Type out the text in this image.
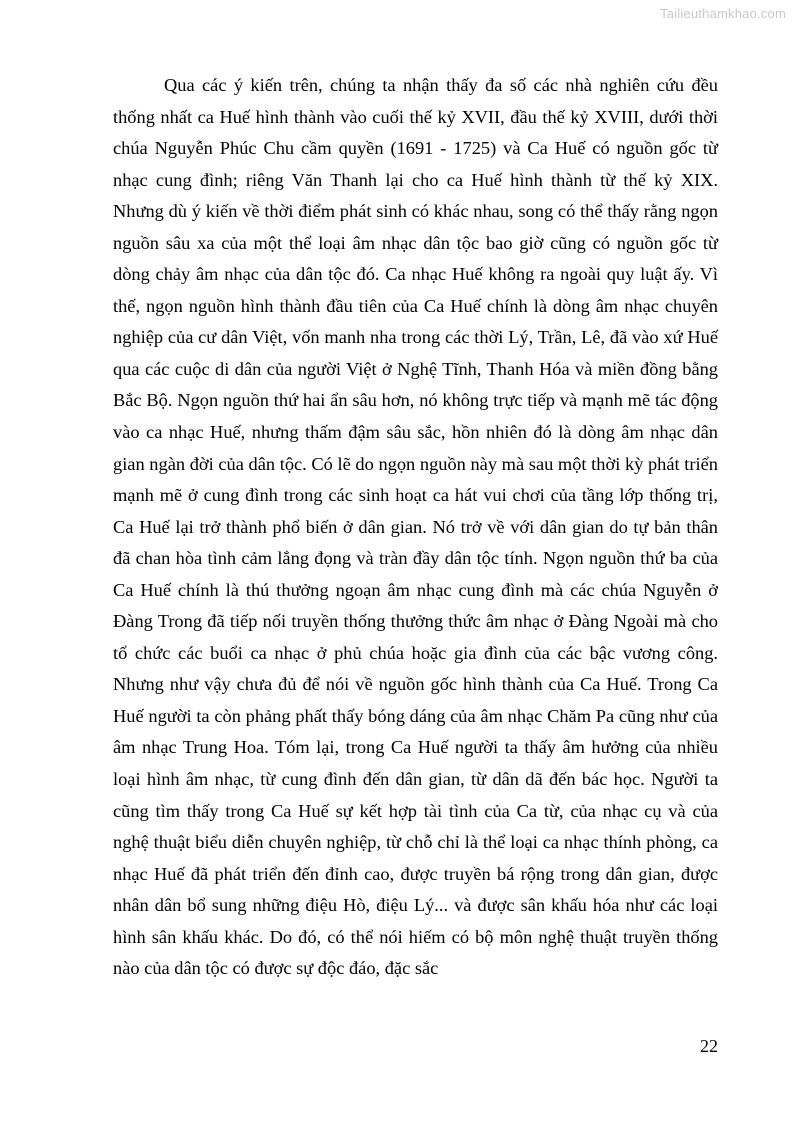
Tailieuthamkhao.com

Qua các ý kiến trên, chúng ta nhận thấy đa số các nhà nghiên cứu đều thống nhất ca Huế hình thành vào cuối thế kỷ XVII, đầu thế kỷ XVIII, dưới thời chúa Nguyễn Phúc Chu cầm quyền (1691 - 1725) và Ca Huế có nguồn gốc từ nhạc cung đình; riêng Văn Thanh lại cho ca Huế hình thành từ thế kỷ XIX. Nhưng dù ý kiến về thời điểm phát sinh có khác nhau, song có thể thấy rằng ngọn nguồn sâu xa của một thể loại âm nhạc dân tộc bao giờ cũng có nguồn gốc từ dòng chảy âm nhạc của dân tộc đó. Ca nhạc Huế không ra ngoài quy luật ấy. Vì thế, ngọn nguồn hình thành đầu tiên của Ca Huế chính là dòng âm nhạc chuyên nghiệp của cư dân Việt, vốn manh nha trong các thời Lý, Trần, Lê, đã vào xứ Huế qua các cuộc di dân của người Việt ở Nghệ Tĩnh, Thanh Hóa và miền đồng bằng Bắc Bộ. Ngọn nguồn thứ hai ẩn sâu hơn, nó không trực tiếp và mạnh mẽ tác động vào ca nhạc Huế, nhưng thấm đậm sâu sắc, hồn nhiên đó là dòng âm nhạc dân gian ngàn đời của dân tộc. Có lẽ do ngọn nguồn này mà sau một thời kỳ phát triển mạnh mẽ ở cung đình trong các sinh hoạt ca hát vui chơi của tầng lớp thống trị, Ca Huế lại trở thành phổ biến ở dân gian. Nó trở về với dân gian do tự bản thân đã chan hòa tình cảm lắng đọng và tràn đầy dân tộc tính. Ngọn nguồn thứ ba của Ca Huế chính là thú thưởng ngoạn âm nhạc cung đình mà các chúa Nguyễn ở Đàng Trong đã tiếp nối truyền thống thưởng thức âm nhạc ở Đàng Ngoài mà cho tổ chức các buổi ca nhạc ở phủ chúa hoặc gia đình của các bậc vương công. Nhưng như vậy chưa đủ để nói về nguồn gốc hình thành của Ca Huế. Trong Ca Huế người ta còn phảng phất thấy bóng dáng của âm nhạc Chăm Pa cũng như của âm nhạc Trung Hoa. Tóm lại, trong Ca Huế người ta thấy âm hưởng của nhiều loại hình âm nhạc, từ cung đình đến dân gian, từ dân dã đến bác học. Người ta cũng tìm thấy trong Ca Huế sự kết hợp tài tình của Ca từ, của nhạc cụ và của nghệ thuật biểu diễn chuyên nghiệp, từ chỗ chỉ là thể loại ca nhạc thính phòng, ca nhạc Huế đã phát triển đến đỉnh cao, được truyền bá rộng trong dân gian, được nhân dân bổ sung những điệu Hò, điệu Lý... và được sân khấu hóa như các loại hình sân khấu khác. Do đó, có thể nói hiếm có bộ môn nghệ thuật truyền thống nào của dân tộc có được sự độc đáo, đặc sắc

22
